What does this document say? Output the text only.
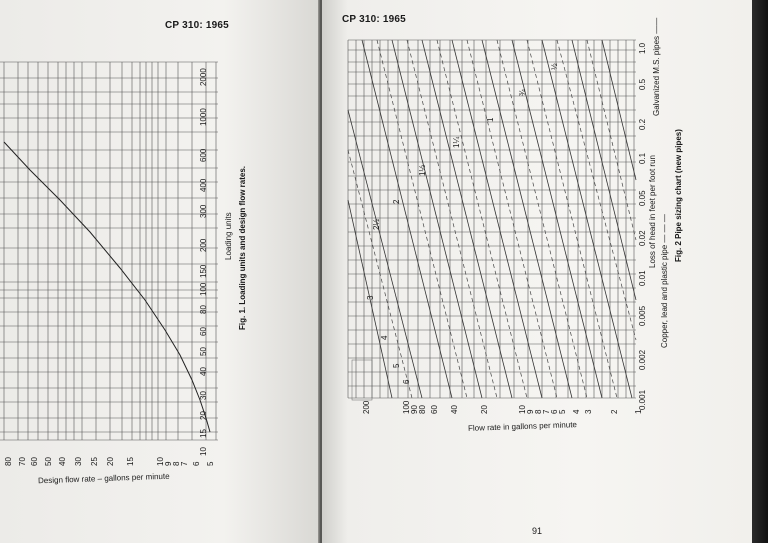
CP 310: 1965
2000
1000
600
400
300
200
150
100
80
60
50
40
30
20
15
10
80 70 60 50 40 30 25 20 15	10 9 8 7 6 5
Loading units Fig. 1. Loading units and design flow rates.
Design flow rate – gallons per minute
CP 310: 1965
½
¾
1
1¼
1½
2
2½
3
4
5
6
200	100 90 80 60 40	20	10 9 8 7 6 5 4 3 2 1
1.0
0.5
0.2
0.1
0.05
0.02
0.01
0.005
0.002
0.001
Loss of head in feet per foot run
Galvanized M.S. pipes ——
Copper, lead and plastic pipe — — —
Fig. 2 Pipe sizing chart (new pipes)
Flow rate in gallons per minute
91
